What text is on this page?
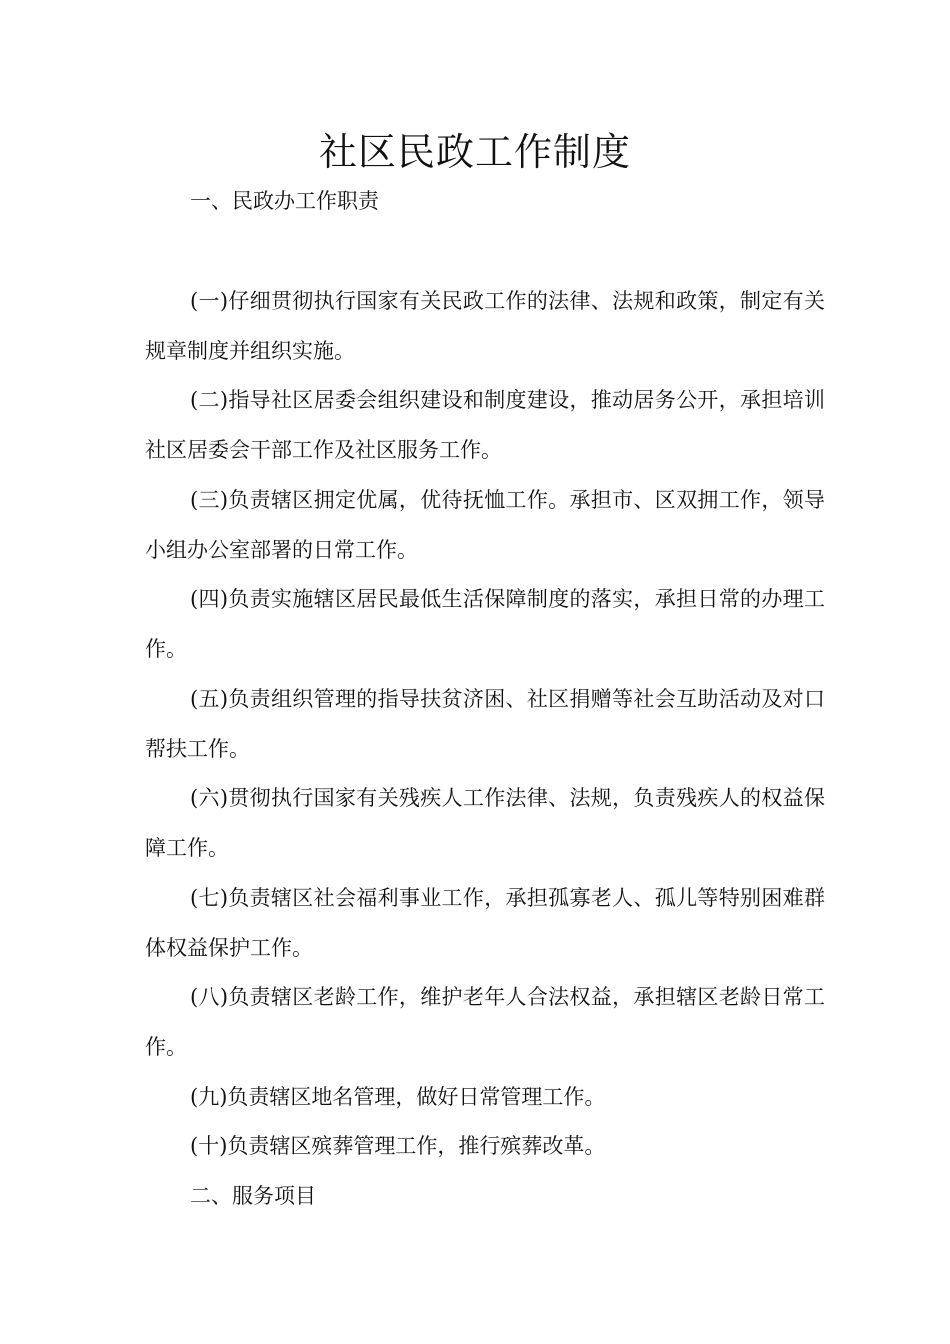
社区民政工作制度

一、民政办工作职责

(一)仔细贯彻执行国家有关民政工作的法律、法规和政策，制定有关规章制度并组织实施。

(二)指导社区居委会组织建设和制度建设，推动居务公开，承担培训社区居委会干部工作及社区服务工作。

(三)负责辖区拥定优属，优待抚恤工作。承担市、区双拥工作，领导小组办公室部署的日常工作。

(四)负责实施辖区居民最低生活保障制度的落实，承担日常的办理工作。

(五)负责组织管理的指导扶贫济困、社区捐赠等社会互助活动及对口帮扶工作。

(六)贯彻执行国家有关残疾人工作法律、法规，负责残疾人的权益保障工作。

(七)负责辖区社会福利事业工作，承担孤寡老人、孤儿等特别困难群体权益保护工作。

(八)负责辖区老龄工作，维护老年人合法权益，承担辖区老龄日常工作。

(九)负责辖区地名管理，做好日常管理工作。

(十)负责辖区殡葬管理工作，推行殡葬改革。

二、服务项目
